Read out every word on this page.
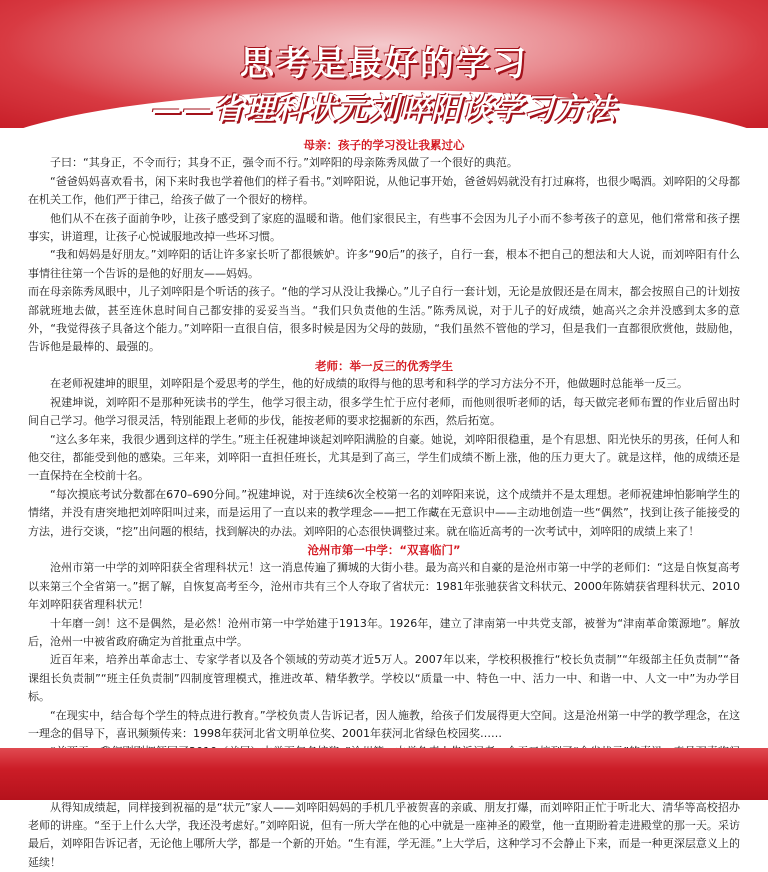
思考是最好的学习
——省理科状元刘啐阳谈学习方法
母亲：孩子的学习没让我累过心

子曰：“其身正，不令而行；其身不正，强令而不行。”刘啐阳的母亲陈秀凤做了一个很好的典范。

“爸爸妈妈喜欢看书，闲下来时我也学着他们的样子看书。”刘啐阳说，从他记事开始，爸爸妈妈就没有打过麻将，也很少喝酒。刘啐阳的父母都在机关工作，他们严于律己，给孩子做了一个很好的榜样。

他们从不在孩子面前争吵，让孩子感受到了家庭的温暖和谐。他们家很民主，有些事不会因为儿子小而不参考孩子的意见，他们常常和孩子摆事实，讲道理，让孩子心悦诚服地改掉一些坏习惯。

“我和妈妈是好朋友。”刘啐阳的话让许多家长听了都很嫉妒。许多“90后”的孩子，自行一套，根本不把自己的想法和大人说，而刘啐阳有什么事情往往第一个告诉的是他的好朋友——妈妈。

而在母亲陈秀凤眼中，儿子刘啐阳是个听话的孩子。“他的学习从没让我操心。”儿子自行一套计划，无论是放假还是在周末，都会按照自己的计划按部就班地去做，甚至连休息时间自己都安排的妥妥当当。“我们只负责他的生活。”陈秀凤说，对于儿子的好成绩，她高兴之余并没感到太多的意外，“我觉得孩子具备这个能力。”刘啐阳一直很自信，很多时候是因为父母的鼓励，“我们虽然不管他的学习，但是我们一直都很欣赏他，鼓励他，告诉他是最棒的、最强的。

老师：举一反三的优秀学生

在老师祝建坤的眼里，刘啐阳是个爱思考的学生，他的好成绩的取得与他的思考和科学的学习方法分不开，他做题时总能举一反三。

祝建坤说，刘啐阳不是那种死读书的学生，他学习很主动，很多学生忙于应付老师，而他则很听老师的话，每天做完老师布置的作业后留出时间自己学习。他学习很灵活，特别能跟上老师的步伐，能按老师的要求挖掘新的东西，然后拓宽。

“这么多年来，我很少遇到这样的学生。”班主任祝建坤谈起刘啐阳满脸的自豪。她说，刘啐阳很稳重，是个有思想、阳光快乐的男孩，任何人和他交往，都能受到他的感染。三年来，刘啐阳一直担任班长，尤其是到了高三，学生们成绩不断上涨，他的压力更大了。就是这样，他的成绩还是一直保持在全校前十名。

“每次摸底考试分数都在670–690分间。”祝建坤说，对于连续6次全校第一名的刘啐阳来说，这个成绩并不是太理想。老师祝建坤怕影响学生的情绪，并没有唐突地把刘啐阳叫过来，而是运用了一直以来的教学理念——把工作藏在无意识中——主动地创造一些“偶然”，找到让孩子能接受的方法，进行交谈，“挖”出问题的根结，找到解决的办法。刘啐阳的心态很快调整过来。就在临近高考的一次考试中，刘啐阳的成绩上来了！

沧州市第一中学：“双喜临门”

沧州市第一中学的刘啐阳获全省理科状元！这一消息传遍了狮城的大街小巷。最为高兴和自豪的是沧州市第一中学的老师们：“这是自恢复高考以来第三个全省第一。”据了解，自恢复高考至今，沧州市共有三个人夺取了省状元：1981年张驰获省文科状元、2000年陈婧获省理科状元、2010年刘啐阳获省理科状元！

十年磨一剑！这不是偶然，是必然！沧州市第一中学始建于1913年。1926年，建立了津南第一中共党支部，被誉为“津南革命策源地”。解放后，沧州一中被省政府确定为首批重点中学。

近百年来，培养出革命志士、专家学者以及各个领域的劳动英才近5万人。2007年以来，学校积极推行“校长负责制”“年级部主任负责制”“备课组长负责制”“班主任负责制”四制度管理模式，推进改革、精华教学。学校以“质量一中、特色一中、活力一中、和谐一中、人文一中”为办学目标。

“在现实中，结合每个学生的特点进行教育。”学校负责人告诉记者，因人施教，给孩子们发展得更大空间。这是沧州第一中学的教学理念，在这一理念的倡导下，喜讯频频传来：1998年获河北省文明单位奖、2001年获河北省绿色校园奖……

从得知成绩起，同样接到祝福的是“状元”家人——刘啐阳妈妈的手机几乎被贺喜的亲戚、朋友打爆，而刘啐阳正忙于听北大、清华等高校招办老师的讲座。“至于上什么大学，我还没考虑好。”刘啐阳说，但有一所大学在他的心中就是一座神圣的殿堂，他一直期盼着走进殿堂的那一天。采访最后，刘啐阳告诉记者，无论他上哪所大学，都是一个新的开始。“生有涯，学无涯。”上大学后，这种学习不会静止下来，而是一种更深层意义上的延续！
